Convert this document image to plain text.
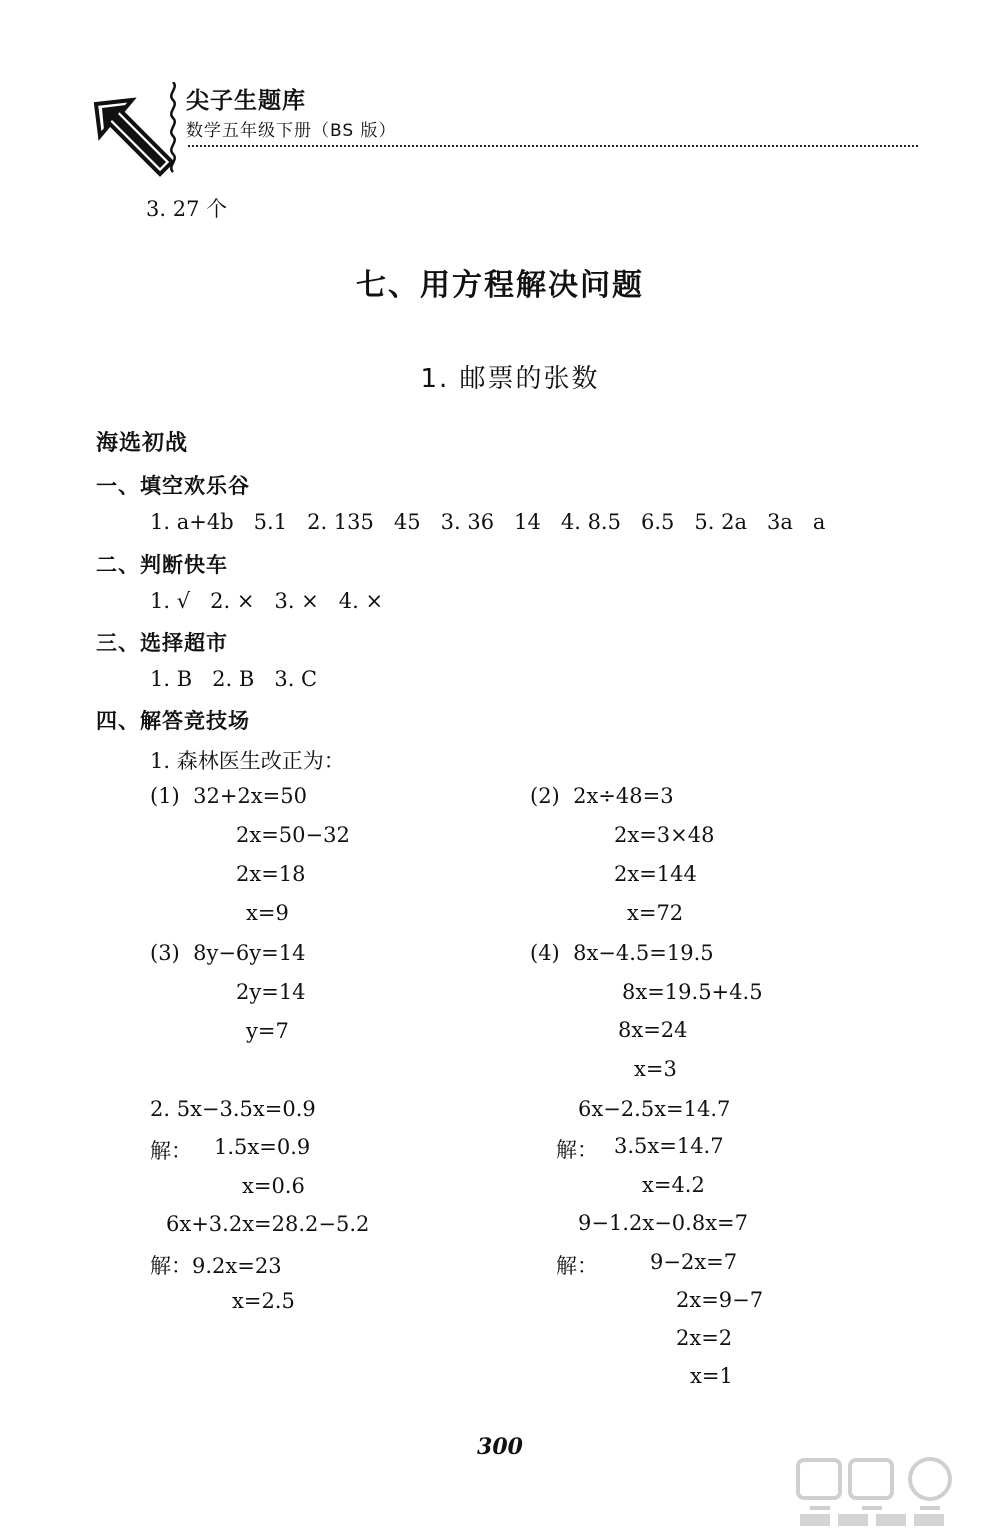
尖子生题库
数学五年级下册（BS 版）
3. 27 个
七、用方程解决问题
1. 邮票的张数
海选初战
一、填空欢乐谷
1. a+4b   5.1   2. 135   45   3. 36   14   4. 8.5   6.5   5. 2a   3a   a
二、判断快车
1. √   2. ×   3. ×   4. ×
三、选择超市
1. B   2. B   3. C
四、解答竞技场
1. 森林医生改正为：
(1)  32+2x=50
2x=50−32
2x=18
x=9
(2)  2x÷48=3
2x=3×48
2x=144
x=72
(3)  8y−6y=14
2y=14
y=7
(4)  8x−4.5=19.5
8x=19.5+4.5
8x=24
x=3
2. 5x−3.5x=0.9
解： 1.5x=0.9
x=0.6
6x−2.5x=14.7
解： 3.5x=14.7
x=4.2
6x+3.2x=28.2−5.2
解：9.2x=23
x=2.5
9−1.2x−0.8x=7
解： 9−2x=7
2x=9−7
2x=2
x=1
300
